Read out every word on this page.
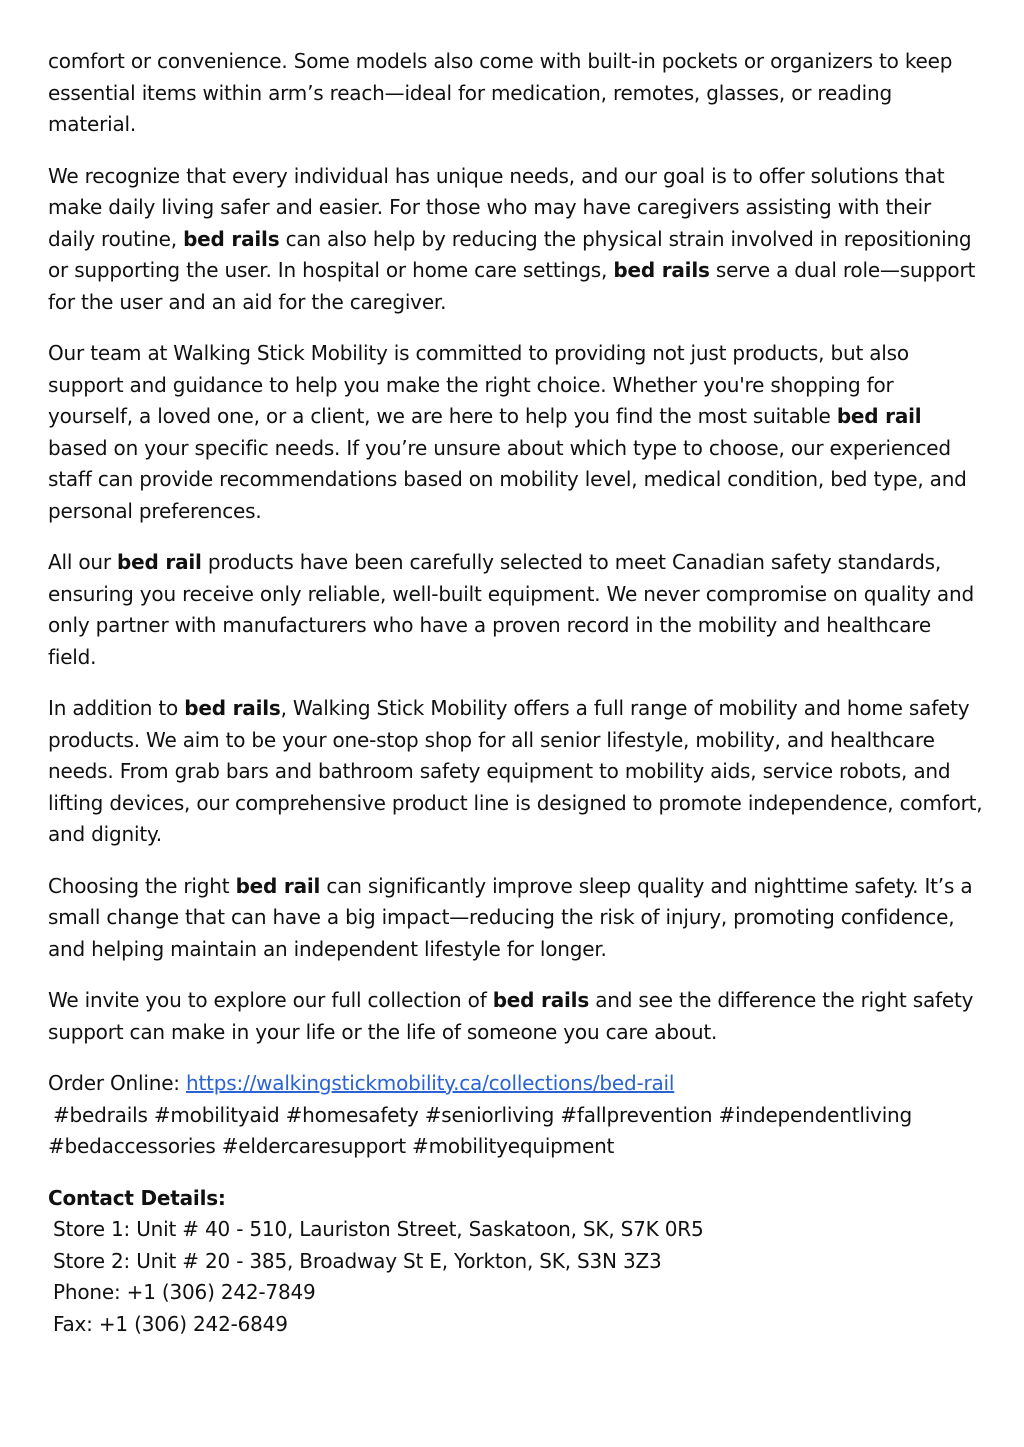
comfort or convenience. Some models also come with built-in pockets or organizers to keep essential items within arm’s reach—ideal for medication, remotes, glasses, or reading material.

We recognize that every individual has unique needs, and our goal is to offer solutions that make daily living safer and easier. For those who may have caregivers assisting with their daily routine, bed rails can also help by reducing the physical strain involved in repositioning or supporting the user. In hospital or home care settings, bed rails serve a dual role—support for the user and an aid for the caregiver.

Our team at Walking Stick Mobility is committed to providing not just products, but also support and guidance to help you make the right choice. Whether you're shopping for yourself, a loved one, or a client, we are here to help you find the most suitable bed rail based on your specific needs. If you’re unsure about which type to choose, our experienced staff can provide recommendations based on mobility level, medical condition, bed type, and personal preferences.

All our bed rail products have been carefully selected to meet Canadian safety standards, ensuring you receive only reliable, well-built equipment. We never compromise on quality and only partner with manufacturers who have a proven record in the mobility and healthcare field.

In addition to bed rails, Walking Stick Mobility offers a full range of mobility and home safety products. We aim to be your one-stop shop for all senior lifestyle, mobility, and healthcare needs. From grab bars and bathroom safety equipment to mobility aids, service robots, and lifting devices, our comprehensive product line is designed to promote independence, comfort, and dignity.

Choosing the right bed rail can significantly improve sleep quality and nighttime safety. It’s a small change that can have a big impact—reducing the risk of injury, promoting confidence, and helping maintain an independent lifestyle for longer.

We invite you to explore our full collection of bed rails and see the difference the right safety support can make in your life or the life of someone you care about.

Order Online: https://walkingstickmobility.ca/collections/bed-rail
#bedrails #mobilityaid #homesafety #seniorliving #fallprevention #independentliving #bedaccessories #eldercaresupport #mobilityequipment

Contact Details:
Store 1: Unit # 40 - 510, Lauriston Street, Saskatoon, SK, S7K 0R5
Store 2: Unit # 20 - 385, Broadway St E, Yorkton, SK, S3N 3Z3
Phone: +1 (306) 242-7849
Fax: +1 (306) 242-6849
